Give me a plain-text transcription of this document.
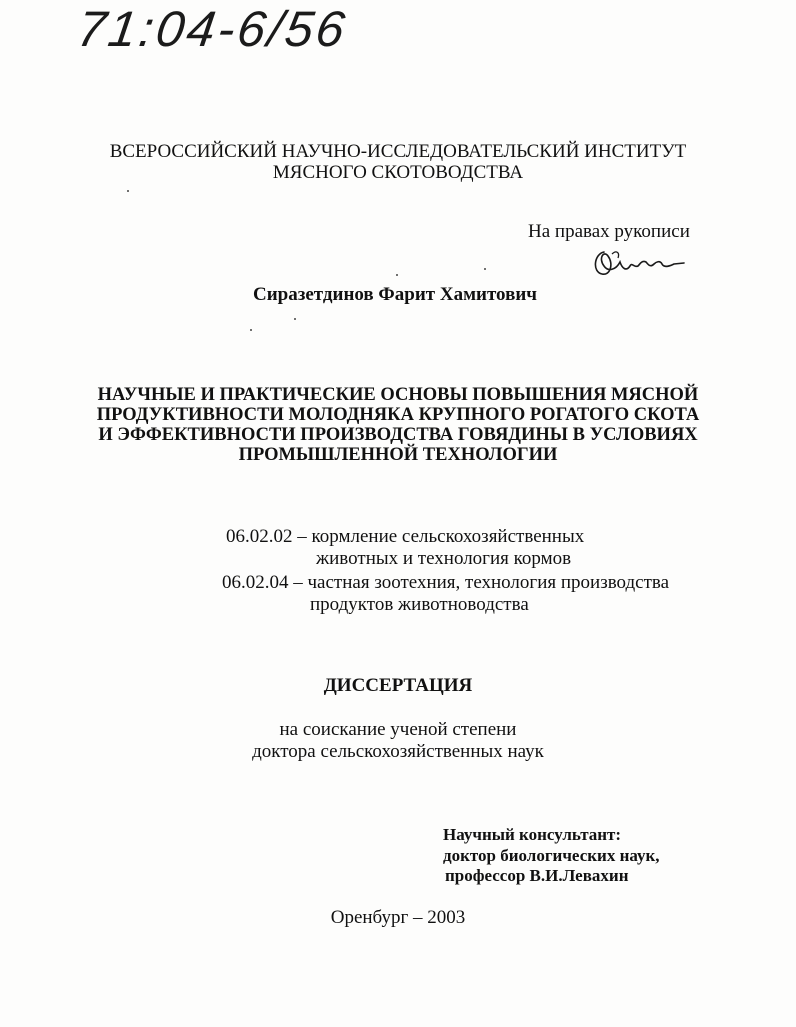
71:04-6/56
ВСЕРОССИЙСКИЙ НАУЧНО-ИССЛЕДОВАТЕЛЬСКИЙ ИНСТИТУТ
МЯСНОГО СКОТОВОДСТВА
На правах рукописи
Сиразетдинов Фарит Хамитович
НАУЧНЫЕ И ПРАКТИЧЕСКИЕ ОСНОВЫ ПОВЫШЕНИЯ МЯСНОЙ
ПРОДУКТИВНОСТИ МОЛОДНЯКА КРУПНОГО РОГАТОГО СКОТА
И ЭФФЕКТИВНОСТИ ПРОИЗВОДСТВА ГОВЯДИНЫ В УСЛОВИЯХ
ПРОМЫШЛЕННОЙ ТЕХНОЛОГИИ
06.02.02 – кормление сельскохозяйственных
животных и технология кормов
06.02.04 – частная зоотехния, технология производства
продуктов животноводства
ДИССЕРТАЦИЯ
на соискание ученой степени
доктора сельскохозяйственных наук
Научный консультант:
доктор биологических наук,
профессор В.И.Левахин
Оренбург – 2003
